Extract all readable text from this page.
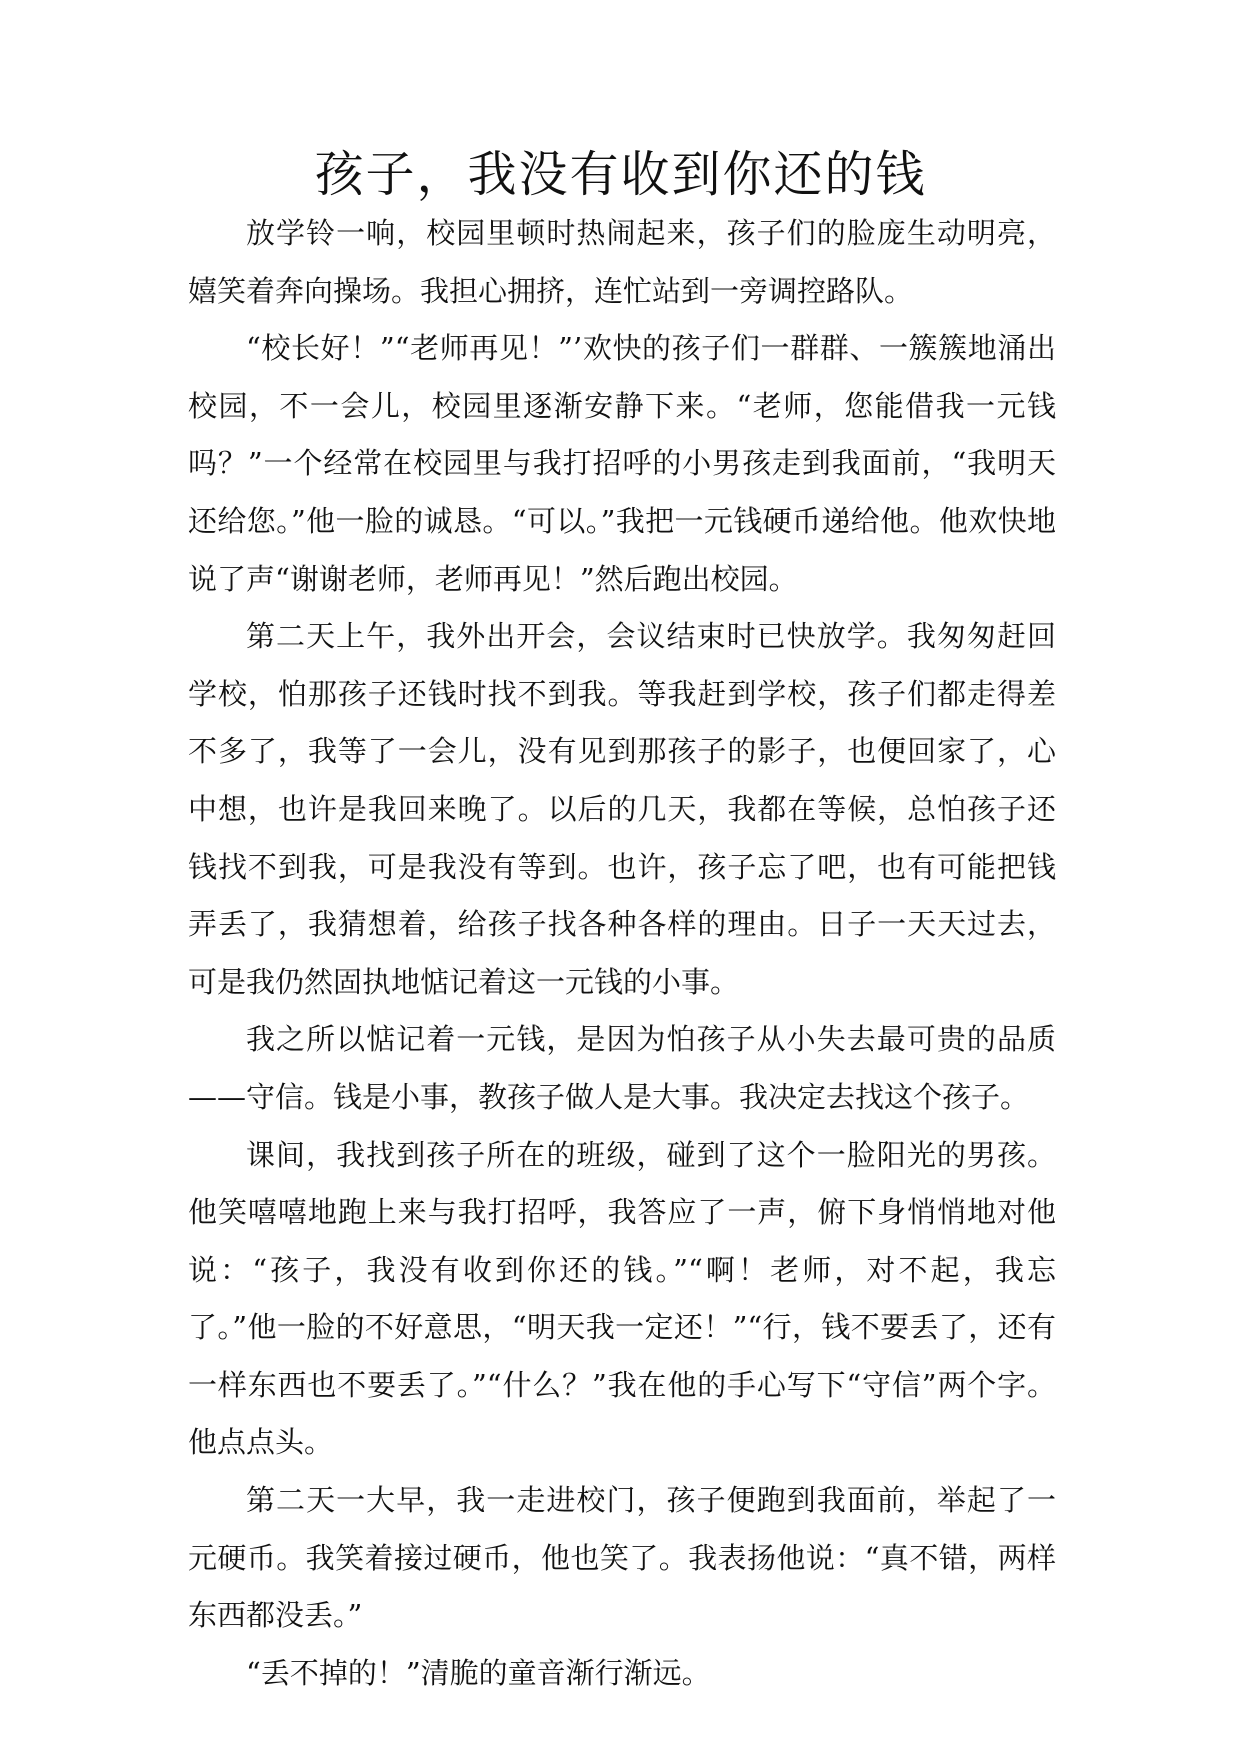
孩子，我没有收到你还的钱

放学铃一响，校园里顿时热闹起来，孩子们的脸庞生动明亮，嬉笑着奔向操场。我担心拥挤，连忙站到一旁调控路队。

“校长好！”“老师再见！”’欢快的孩子们一群群、一簇簇地涌出校园，不一会儿，校园里逐渐安静下来。“老师，您能借我一元钱吗？”一个经常在校园里与我打招呼的小男孩走到我面前，“我明天还给您。”他一脸的诚恳。“可以。”我把一元钱硬币递给他。他欢快地说了声“谢谢老师，老师再见！”然后跑出校园。

第二天上午，我外出开会，会议结束时已快放学。我匆匆赶回学校，怕那孩子还钱时找不到我。等我赶到学校，孩子们都走得差不多了，我等了一会儿，没有见到那孩子的影子，也便回家了，心中想，也许是我回来晚了。以后的几天，我都在等候，总怕孩子还钱找不到我，可是我没有等到。也许，孩子忘了吧，也有可能把钱弄丢了，我猜想着，给孩子找各种各样的理由。日子一天天过去，可是我仍然固执地惦记着这一元钱的小事。

我之所以惦记着一元钱，是因为怕孩子从小失去最可贵的品质——守信。钱是小事，教孩子做人是大事。我决定去找这个孩子。

课间，我找到孩子所在的班级，碰到了这个一脸阳光的男孩。他笑嘻嘻地跑上来与我打招呼，我答应了一声，俯下身悄悄地对他说：“孩子，我没有收到你还的钱。”“啊！老师，对不起，我忘了。”他一脸的不好意思，“明天我一定还！”“行，钱不要丢了，还有一样东西也不要丢了。”“什么？”我在他的手心写下“守信”两个字。他点点头。

第二天一大早，我一走进校门，孩子便跑到我面前，举起了一元硬币。我笑着接过硬币，他也笑了。我表扬他说：“真不错，两样东西都没丢。”

“丢不掉的！”清脆的童音渐行渐远。
